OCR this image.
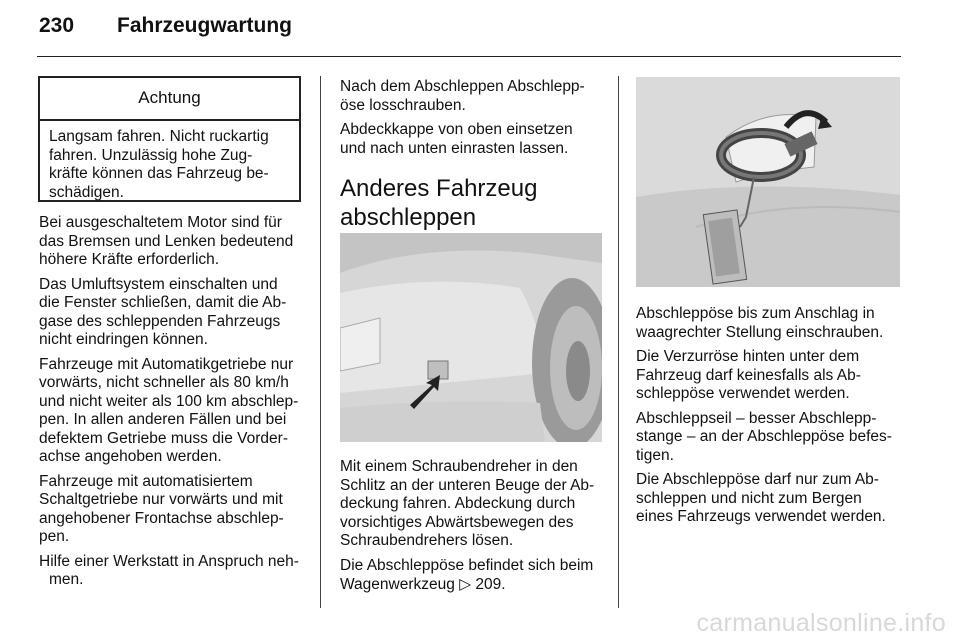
230 Fahrzeugwartung
Achtung
Langsam fahren. Nicht ruckartig
fahren. Unzulässig hohe Zug-
kräfte können das Fahrzeug be-
schädigen.

Bei ausgeschaltetem Motor sind für
das Bremsen und Lenken bedeutend
höhere Kräfte erforderlich.

Das Umluftsystem einschalten und
die Fenster schließen, damit die Ab-
gase des schleppenden Fahrzeugs
nicht eindringen können.

Fahrzeuge mit Automatikgetriebe nur
vorwärts, nicht schneller als 80 km/h
und nicht weiter als 100 km abschlep-
pen. In allen anderen Fällen und bei
defektem Getriebe muss die Vorder-
achse angehoben werden.

Fahrzeuge mit automatisiertem
Schaltgetriebe nur vorwärts und mit
angehobener Frontachse abschlep-
pen.

Hilfe einer Werkstatt in Anspruch neh-
men.

Nach dem Abschleppen Abschlepp-
öse losschrauben.

Abdeckkappe von oben einsetzen
und nach unten einrasten lassen.

Anderes Fahrzeug
abschleppen

Mit einem Schraubendreher in den
Schlitz an der unteren Beuge der Ab-
deckung fahren. Abdeckung durch
vorsichtiges Abwärtsbewegen des
Schraubendrehers lösen.

Die Abschleppöse befindet sich beim
Wagenwerkzeug ▷ 209.

Abschleppöse bis zum Anschlag in
waagrechter Stellung einschrauben.

Die Verzurröse hinten unter dem
Fahrzeug darf keinesfalls als Ab-
schleppöse verwendet werden.

Abschleppseil – besser Abschlepp-
stange – an der Abschleppöse befes-
tigen.

Die Abschleppöse darf nur zum Ab-
schleppen und nicht zum Bergen
eines Fahrzeugs verwendet werden.

carmanualsonline.info
